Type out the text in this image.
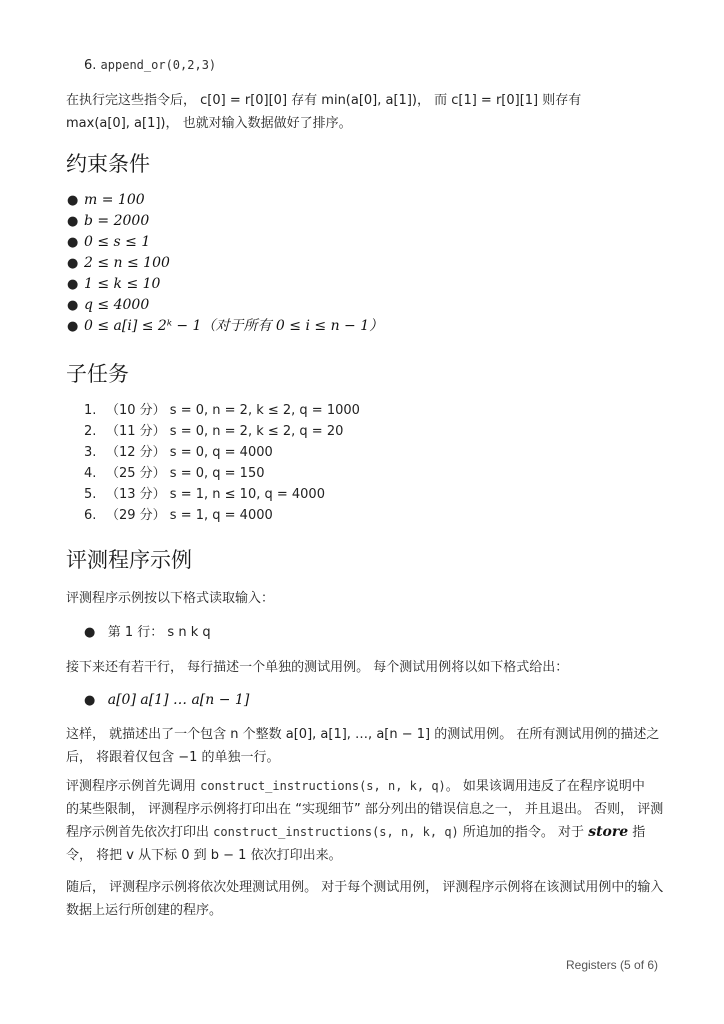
6. append_or(0,2,3)
在执行完这些指令后， c[0] = r[0][0] 存有 min(a[0], a[1])， 而 c[1] = r[0][1] 则存有
max(a[0], a[1])， 也就对输入数据做好了排序。
约束条件
● m = 100
● b = 2000
● 0 ≤ s ≤ 1
● 2 ≤ n ≤ 100
● 1 ≤ k ≤ 10
● q ≤ 4000
● 0 ≤ a[i] ≤ 2ᵏ − 1（对于所有 0 ≤ i ≤ n − 1）
子任务
1. （10 分） s = 0, n = 2, k ≤ 2, q = 1000
2. （11 分） s = 0, n = 2, k ≤ 2, q = 20
3. （12 分） s = 0, q = 4000
4. （25 分） s = 0, q = 150
5. （13 分） s = 1, n ≤ 10, q = 4000
6. （29 分） s = 1, q = 4000
评测程序示例
评测程序示例按以下格式读取输入：
● 第 1 行： s n k q
接下来还有若干行， 每行描述一个单独的测试用例。 每个测试用例将以如下格式给出：
● a[0] a[1] … a[n − 1]
这样， 就描述出了一个包含 n 个整数 a[0], a[1], …, a[n − 1] 的测试用例。 在所有测试用例的描述之
后， 将跟着仅包含 −1 的单独一行。
评测程序示例首先调用 construct_instructions(s, n, k, q)。 如果该调用违反了在程序说明中
的某些限制， 评测程序示例将打印出在 “实现细节” 部分列出的错误信息之一， 并且退出。 否则， 评测
程序示例首先依次打印出 construct_instructions(s, n, k, q) 所追加的指令。 对于 store 指
令， 将把 v 从下标 0 到 b − 1 依次打印出来。
随后， 评测程序示例将依次处理测试用例。 对于每个测试用例， 评测程序示例将在该测试用例中的输入
数据上运行所创建的程序。
Registers (5 of 6)
